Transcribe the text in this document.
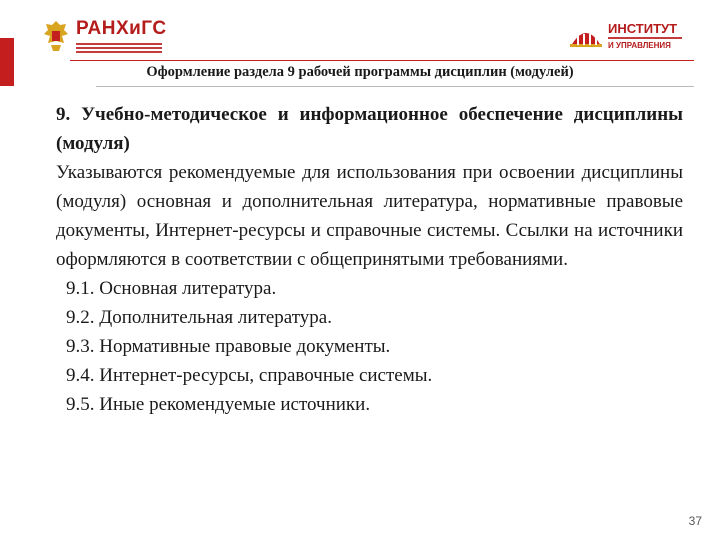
РАНХиГС	ИНСТИТУТ
И УПРАВЛЕНИЯ
Оформление раздела 9 рабочей программы дисциплин (модулей)

9. Учебно-методическое и информационное обеспечение дисциплины (модуля)

Указываются рекомендуемые для использования при освоении дисциплины (модуля) основная и дополнительная литература, нормативные правовые документы, Интернет-ресурсы и справочные системы. Ссылки на источники оформляются в соответствии с общепринятыми требованиями.

9.1. Основная литература.
9.2. Дополнительная литература.
9.3. Нормативные правовые документы.
9.4. Интернет-ресурсы, справочные системы.
9.5. Иные рекомендуемые источники.
37
